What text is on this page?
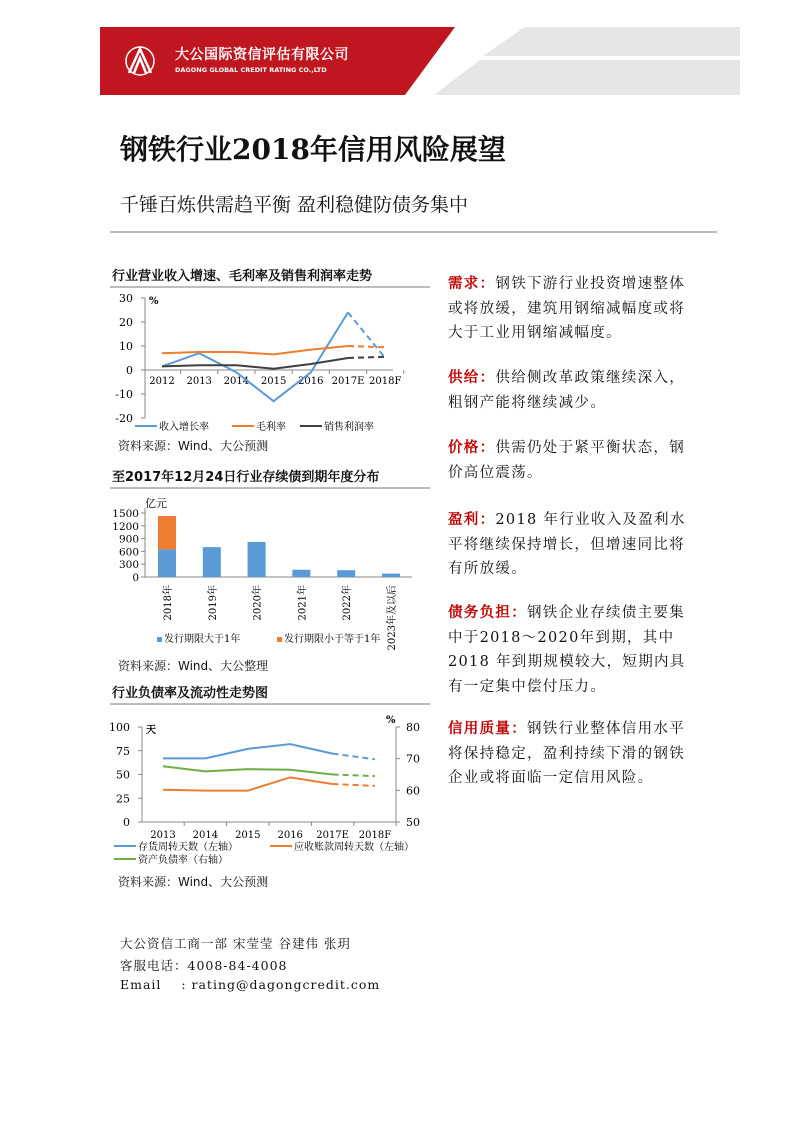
大公国际资信评估有限公司
DAGONG GLOBAL CREDIT RATING CO.,LTD
钢铁行业2018年信用风险展望
千锤百炼供需趋平衡 盈利稳健防债务集中
行业营业收入增速、毛利率及销售利润率走势
资料来源：Wind、大公预测
至2017年12月24日行业存续债到期年度分布
资料来源：Wind、大公整理
行业负债率及流动性走势图
资料来源：Wind、大公预测
-20
-10
0
10
20
30 %
2012 2013 2014 2015 2016 2017E 2018F
收入增长率	毛利率	销售利润率
0
25
50
75
100 天
50
60
70
80
%
2013 2014 2015 2016 2017E 2018F
存货周转天数（左轴）	应收账款周转天数（左轴）
资产负债率（右轴）
0
300
600
900
1200
1500
亿元
2018年	2019年	2020年	2021年	2022年	2023年及以后
发行期限大于1年	发行期限小于等于1年
需求：钢铁下游行业投资增速整体或将放缓，建筑用钢缩减幅度或将大于工业用钢缩减幅度。
供给：供给侧改革政策继续深入，粗钢产能将继续减少。
价格：供需仍处于紧平衡状态，钢价高位震荡。
盈利：2018 年行业收入及盈利水平将继续保持增长，但增速同比将有所放缓。
债务负担：钢铁企业存续债主要集中于2018～2020年到期，其中2018 年到期规模较大，短期内具有一定集中偿付压力。
信用质量：钢铁行业整体信用水平将保持稳定，盈利持续下滑的钢铁企业或将面临一定信用风险。
大公资信工商一部 宋莹莹 谷建伟 张玥
客服电话：4008-84-4008
Email    : rating@dagongcredit.com
